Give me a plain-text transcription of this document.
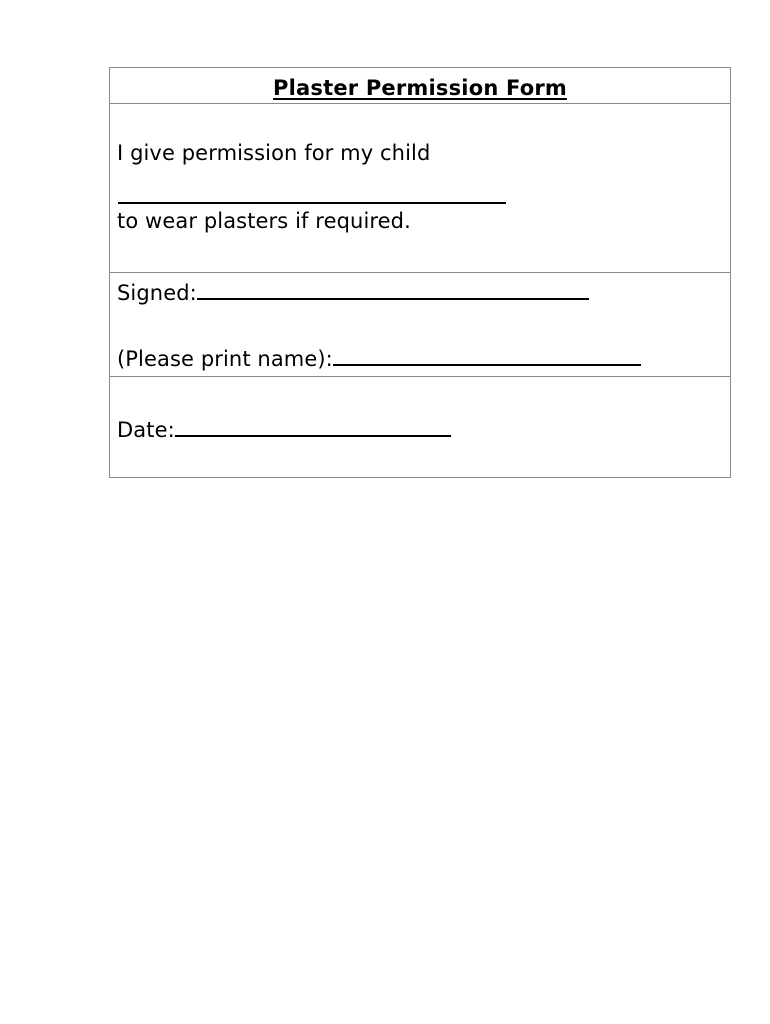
Plaster Permission Form
I give permission for my child
to wear plasters if required.
Signed:
(Please print name):
Date:
